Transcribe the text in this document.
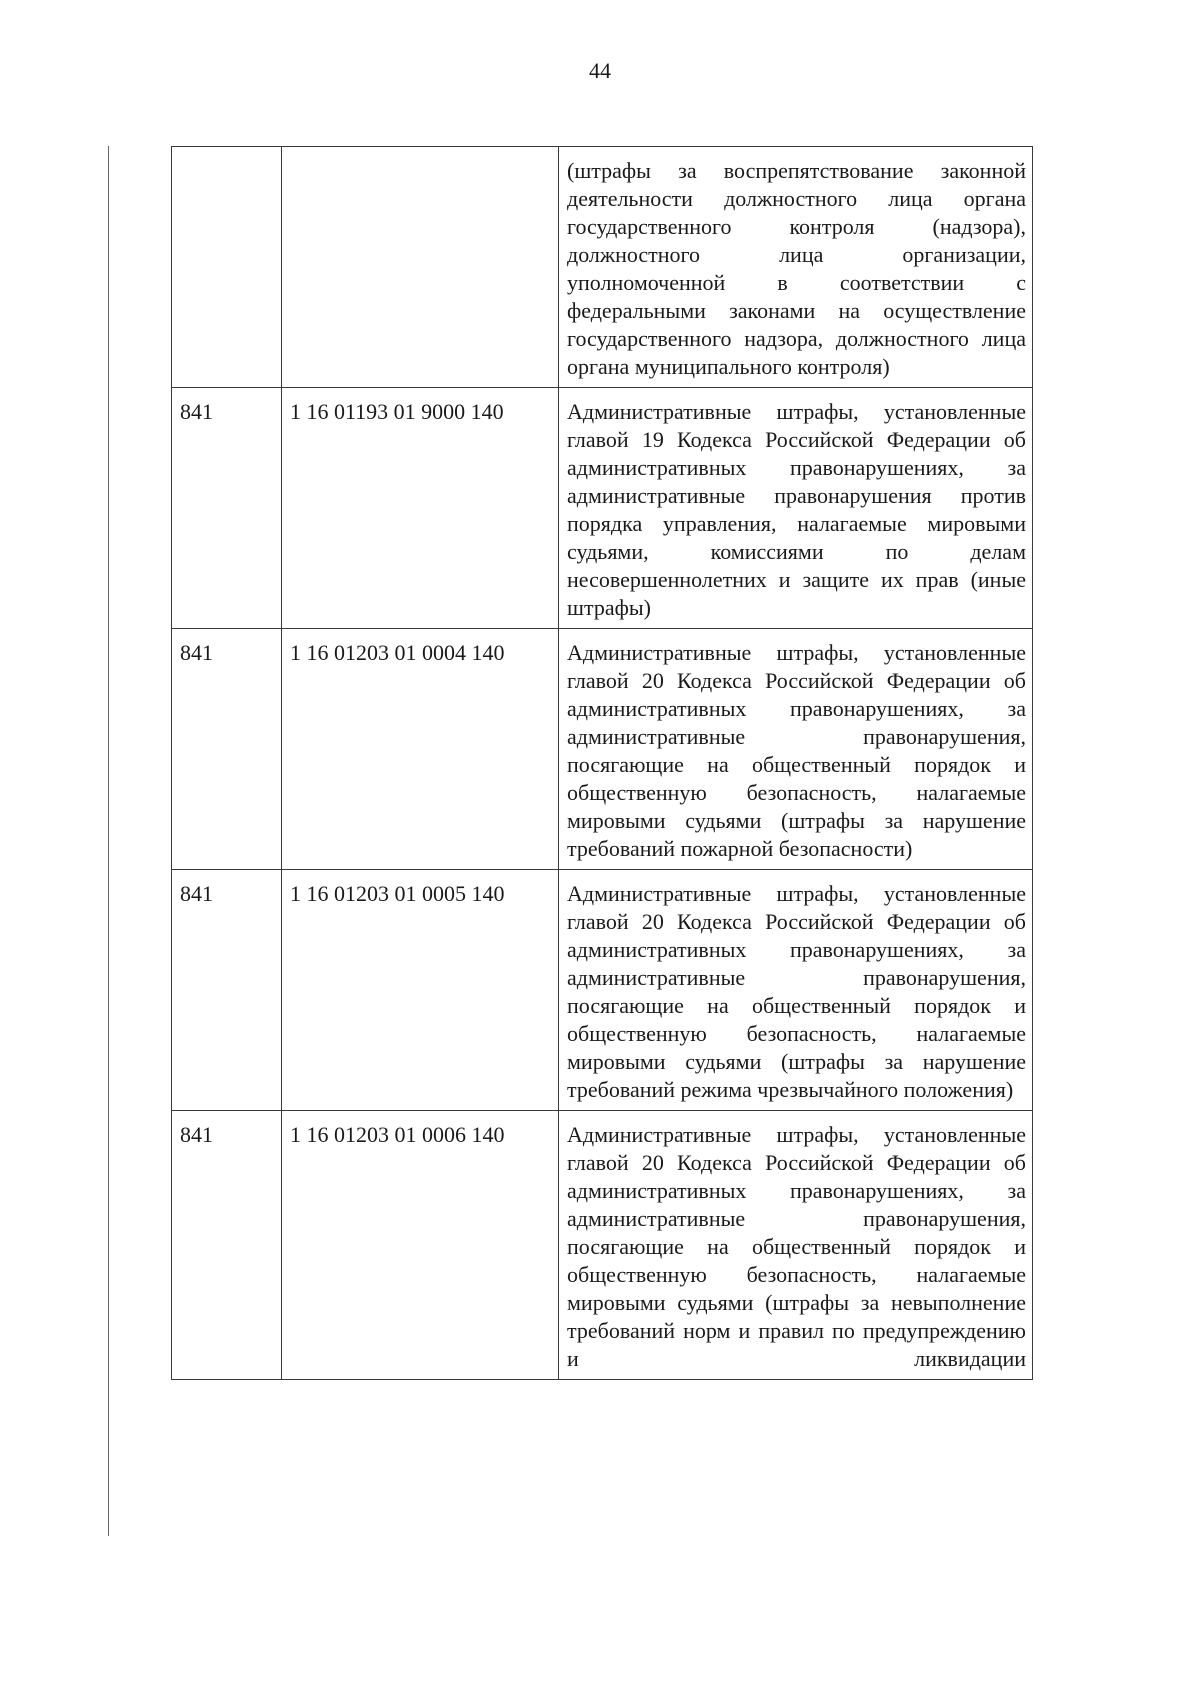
44
		(штрафы за воспрепятствование законной деятельности должностного лица органа государственного контроля (надзора), должностного лица организации, уполномоченной в соответствии с федеральными законами на осуществление государственного надзора, должностного лица органа муниципального контроля)
841	1 16 01193 01 9000 140	Административные штрафы, установленные главой 19 Кодекса Российской Федерации об административных правонарушениях, за административные правонарушения против порядка управления, налагаемые мировыми судьями, комиссиями по делам несовершеннолетних и защите их прав (иные штрафы)
841	1 16 01203 01 0004 140	Административные штрафы, установленные главой 20 Кодекса Российской Федерации об административных правонарушениях, за административные правонарушения, посягающие на общественный порядок и общественную безопасность, налагаемые мировыми судьями (штрафы за нарушение требований пожарной безопасности)
841	1 16 01203 01 0005 140	Административные штрафы, установленные главой 20 Кодекса Российской Федерации об административных правонарушениях, за административные правонарушения, посягающие на общественный порядок и общественную безопасность, налагаемые мировыми судьями (штрафы за нарушение требований режима чрезвычайного положения)
841	1 16 01203 01 0006 140	Административные штрафы, установленные главой 20 Кодекса Российской Федерации об административных правонарушениях, за административные правонарушения, посягающие на общественный порядок и общественную безопасность, налагаемые мировыми судьями (штрафы за невыполнение требований норм и правил по предупреждению и ликвидации
